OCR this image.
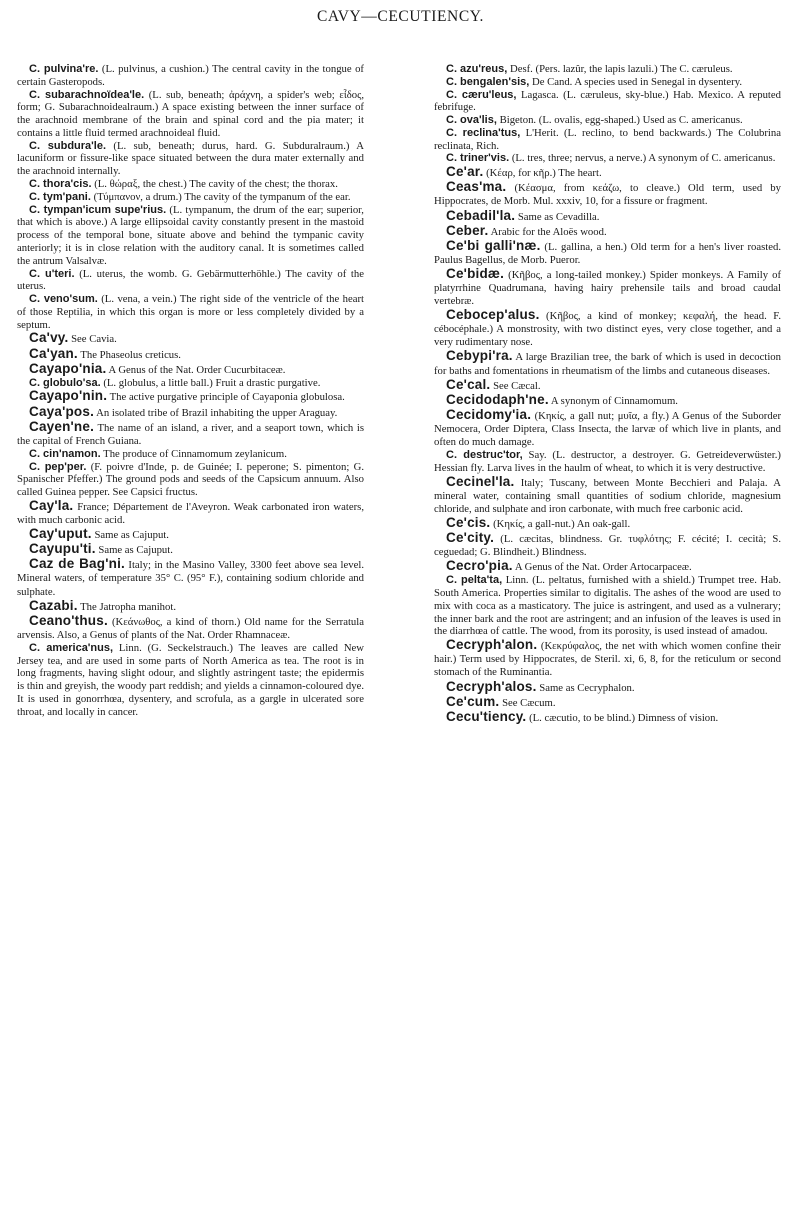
CAVY—CECUTIENCY.

C. pulvina're. (L. pulvinus, a cushion.) The central cavity in the tongue of certain Gasteropods.

C. subarachnoïdea'le. (L. sub, beneath; ἀράχνη, a spider's web; εἶδος, form; G. Subarachnoidealraum.) A space existing between the inner surface of the arachnoid membrane of the brain and spinal cord and the pia mater; it contains a little fluid termed arachnoideal fluid.

C. subdura'le. (L. sub, beneath; durus, hard. G. Subduralraum.) A lacuniform or fissure-like space situated between the dura mater externally and the arachnoid internally.

C. thora'cis. (L. θώραξ, the chest.) The cavity of the chest; the thorax.

C. tym'pani. (Τύμπανον, a drum.) The cavity of the tympanum of the ear.

C. tympan'icum supe'rius. (L. tympanum, the drum of the ear; superior, that which is above.) A large ellipsoidal cavity constantly present in the mastoid process of the temporal bone, situate above and behind the tympanic cavity anteriorly; it is in close relation with the auditory canal. It is sometimes called the antrum Valsalvæ.

C. u'teri. (L. uterus, the womb. G. Gebärmutterhöhle.) The cavity of the uterus.

C. veno'sum. (L. vena, a vein.) The right side of the ventricle of the heart of those Reptilia, in which this organ is more or less completely divided by a septum.

Ca'vy. See Cavia.

Ca'yan. The Phaseolus creticus.

Cayapo'nia. A Genus of the Nat. Order Cucurbitaceæ.

C. globulo'sa. (L. globulus, a little ball.) Fruit a drastic purgative.

Cayapo'nin. The active purgative principle of Cayaponia globulosa.

Caya'pos. An isolated tribe of Brazil inhabiting the upper Araguay.

Cayen'ne. The name of an island, a river, and a seaport town, which is the capital of French Guiana.

C. cin'namon. The produce of Cinnamomum zeylanicum.

C. pep'per. (F. poivre d'Inde, p. de Guinée; I. peperone; S. pimenton; G. Spanischer Pfeffer.) The ground pods and seeds of the Capsicum annuum. Also called Guinea pepper. See Capsici fructus.

Cay'la. France; Département de l'Aveyron. Weak carbonated iron waters, with much carbonic acid.

Cay'uput. Same as Cajuput.

Cayupu'ti. Same as Cajuput.

Caz de Bag'ni. Italy; in the Masino Valley, 3300 feet above sea level. Mineral waters, of temperature 35° C. (95° F.), containing sodium chloride and sulphate.

Cazabi. The Jatropha manihot.

Ceano'thus. (Κεάνωθος, a kind of thorn.) Old name for the Serratula arvensis. Also, a Genus of plants of the Nat. Order Rhamnaceæ.

C. america'nus, Linn. (G. Seckelstrauch.) The leaves are called New Jersey tea, and are used in some parts of North America as tea. The root is in long fragments, having slight odour, and slightly astringent taste; the epidermis is thin and greyish, the woody part reddish; and yields a cinnamon-coloured dye. It is used in gonorrhœa, dysentery, and scrofula, as a gargle in ulcerated sore throat, and locally in cancer.

C. azu'reus, Desf. (Pers. lazûr, the lapis lazuli.) The C. cæruleus.

C. bengalen'sis, De Cand. A species used in Senegal in dysentery.

C. cæru'leus, Lagasca. (L. cæruleus, sky-blue.) Hab. Mexico. A reputed febrifuge.

C. ova'lis, Bigeton. (L. ovalis, egg-shaped.) Used as C. americanus.

C. reclina'tus, L'Herit. (L. reclino, to bend backwards.) The Colubrina reclinata, Rich.

C. triner'vis. (L. tres, three; nervus, a nerve.) A synonym of C. americanus.

Ce'ar. (Κέαρ, for κῆρ.) The heart.

Ceas'ma. (Κέασμα, from κεάζω, to cleave.) Old term, used by Hippocrates, de Morb. Mul. xxxiv, 10, for a fissure or fragment.

Cebadil'la. Same as Cevadilla.

Ceber. Arabic for the Aloës wood.

Ce'bi galli'næ. (L. gallina, a hen.) Old term for a hen's liver roasted. Paulus Bagellus, de Morb. Pueror.

Ce'bidæ. (Κῆβος, a long-tailed monkey.) Spider monkeys. A Family of platyrrhine Quadrumana, having hairy prehensile tails and broad caudal vertebræ.

Cebocep'alus. (Κῆβος, a kind of monkey; κεφαλή, the head. F. cébocéphale.) A monstrosity, with two distinct eyes, very close together, and a very rudimentary nose.

Cebypi'ra. A large Brazilian tree, the bark of which is used in decoction for baths and fomentations in rheumatism of the limbs and cutaneous diseases.

Ce'cal. See Cæcal.

Cecidodaph'ne. A synonym of Cinnamomum.

Cecidomy'ia. (Κηκίς, a gall nut; μυῖα, a fly.) A Genus of the Suborder Nemocera, Order Diptera, Class Insecta, the larvæ of which live in plants, and often do much damage.

C. destruc'tor, Say. (L. destructor, a destroyer. G. Getreideverwüster.) Hessian fly. Larva lives in the haulm of wheat, to which it is very destructive.

Cecinel'la. Italy; Tuscany, between Monte Becchieri and Palaja. A mineral water, containing small quantities of sodium chloride, magnesium chloride, and sulphate and iron carbonate, with much free carbonic acid.

Ce'cis. (Κηκίς, a gall-nut.) An oak-gall.

Ce'city. (L. cæcitas, blindness. Gr. τυφλότης; F. cécité; I. cecità; S. ceguedad; G. Blindheit.) Blindness.

Cecro'pia. A Genus of the Nat. Order Artocarpaceæ.

C. pelta'ta, Linn. (L. peltatus, furnished with a shield.) Trumpet tree. Hab. South America. Properties similar to digitalis. The ashes of the wood are used to mix with coca as a masticatory. The juice is astringent, and used as a vulnerary; the inner bark and the root are astringent; and an infusion of the leaves is used in the diarrhœa of cattle. The wood, from its porosity, is used instead of amadou.

Cecryph'alon. (Κεκρύφαλος, the net with which women confine their hair.) Term used by Hippocrates, de Steril. xi, 6, 8, for the reticulum or second stomach of the Ruminantia.

Cecryph'alos. Same as Cecryphalon.

Ce'cum. See Cæcum.

Cecu'tiency. (L. cæcutio, to be blind.) Dimness of vision.
